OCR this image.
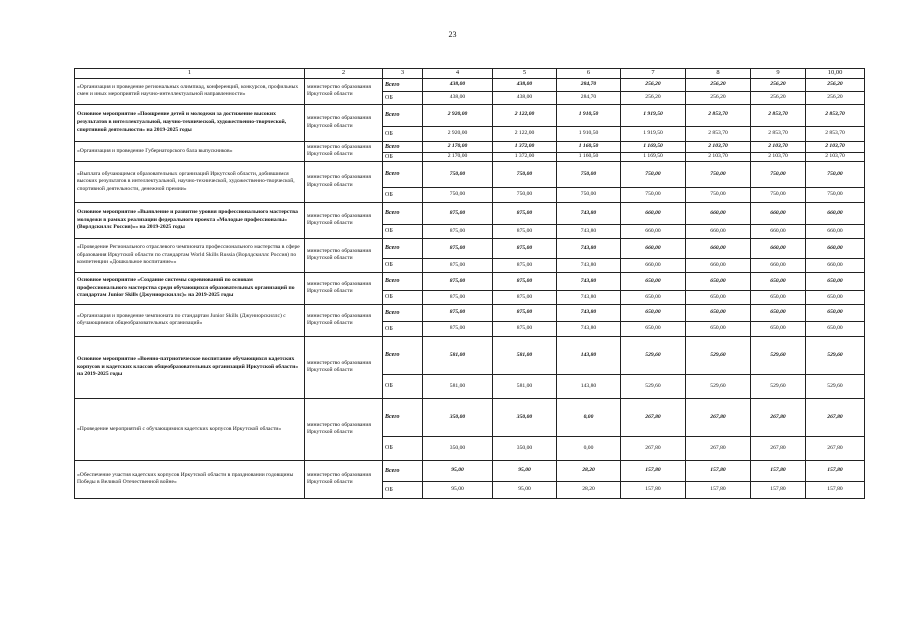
23
1	2	3	4	5	6	7	8	9	10,00
«Организация и проведение региональных олимпиад, конференций, конкурсов, профильных смен и иных мероприятий научно-интеллектуальной направленности»	министерство образования Иркутской области	Всего	438,00	438,00	284,70	256,20	256,20	256,20	256,20
		ОБ	438,00	438,00	284,70	256,20	256,20	256,20	256,20
Основное мероприятие «Поощрение детей и молодежи за достижение высоких результатов в интеллектуальной, научно-технической, художественно-творческой, спортивной деятельности» на 2019-2025 годы	министерство образования Иркутской области	Всего	2 920,00	2 122,00	1 910,50	1 919,50	2 853,70	2 853,70	2 853,70
		ОБ	2 920,00	2 122,00	1 910,50	1 919,50	2 853,70	2 853,70	2 853,70
«Организация и проведение Губернаторского бала выпускников»	министерство образования Иркутской области	Всего	2 170,00	1 372,00	1 160,50	1 169,50	2 103,70	2 103,70	2 103,70
		ОБ	2 170,00	1 372,00	1 160,50	1 169,50	2 103,70	2 103,70	2 103,70
«Выплата обучающимся образовательных организаций Иркутской области, добившимся высоких результатов в интеллектуальной, научно-технической, художественно-творческой, спортивной деятельности, денежной премии»	министерство образования Иркутской области	Всего	750,00	750,00	750,00	750,00	750,00	750,00	750,00
		ОБ	750,00	750,00	750,00	750,00	750,00	750,00	750,00
Основное мероприятие «Выявление и развитие уровня профессионального мастерства молодежи в рамках реализации федерального проекта «Молодые профессионалы» (Ворлдскиллс Россия)»» на 2019-2025 годы	министерство образования Иркутской области	Всего	875,00	875,00	743,80	660,00	660,00	660,00	660,00
		ОБ	875,00	875,00	743,80	660,00	660,00	660,00	660,00
«Проведение Регионального отраслевого чемпионата профессионального мастерства в сфере образования Иркутской области по стандартам World Skills Russia (Ворлдскиллс Россия) по компетенции «Дошкольное воспитание»»	министерство образования Иркутской области	Всего	875,00	875,00	743,80	660,00	660,00	660,00	660,00
		ОБ	875,00	875,00	743,80	660,00	660,00	660,00	660,00
Основное мероприятие «Создание системы соревнований по основам профессионального мастерства среди обучающихся образовательных организаций по стандартам Junior Skills (Джуниорскиллс)» на 2019-2025 годы	министерство образования Иркутской области	Всего	875,00	875,00	743,80	650,00	650,00	650,00	650,00
		ОБ	875,00	875,00	743,80	650,00	650,00	650,00	650,00
«Организация и проведение чемпионата по стандартам Junior Skills (Джуниорскиллс) с обучающимися общеобразовательных организаций»	министерство образования Иркутской области	Всего	875,00	875,00	743,80	650,00	650,00	650,00	650,00
		ОБ	875,00	875,00	743,80	650,00	650,00	650,00	650,00
Основное мероприятие «Военно-патриотическое воспитание обучающихся кадетских корпусов и кадетских классов общеобразовательных организаций Иркутской области» на 2019-2025 годы	министерство образования Иркутской области	Всего	581,00	581,00	143,80	529,60	529,60	529,60	529,60
		ОБ	581,00	581,00	143,80	529,60	529,60	529,60	529,60
«Проведение мероприятий с обучающимися кадетских корпусов Иркутской области»	министерство образования Иркутской области	Всего	350,00	350,00	0,00	267,80	267,80	267,80	267,80
		ОБ	350,00	350,00	0,00	267,80	267,80	267,80	267,80
«Обеспечение участия кадетских корпусов Иркутской области в праздновании годовщины Победы в Великой Отечественной войне»	министерство образования Иркутской области	Всего	95,00	95,00	28,20	157,80	157,80	157,80	157,80
		ОБ	95,00	95,00	28,20	157,80	157,80	157,80	157,80
